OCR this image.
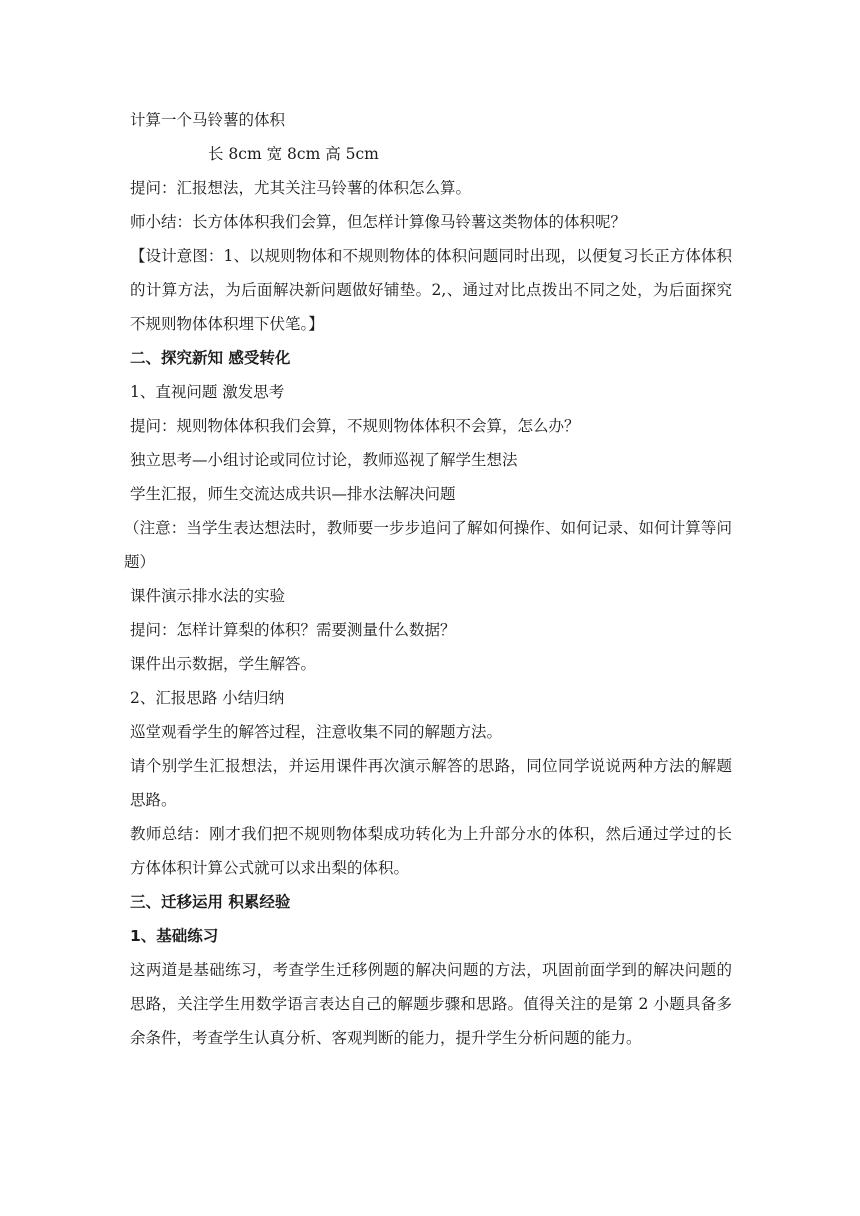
计算一个马铃薯的体积
长 8cm 宽 8cm 高 5cm
提问：汇报想法，尤其关注马铃薯的体积怎么算。
师小结：长方体体积我们会算，但怎样计算像马铃薯这类物体的体积呢？
【设计意图：1、以规则物体和不规则物体的体积问题同时出现，以便复习长正方体体积的计算方法，为后面解决新问题做好铺垫。2,、通过对比点拨出不同之处，为后面探究不规则物体体积埋下伏笔。】
二、探究新知 感受转化
1、直视问题 激发思考
提问：规则物体体积我们会算，不规则物体体积不会算，怎么办？
独立思考—小组讨论或同位讨论，教师巡视了解学生想法
学生汇报，师生交流达成共识—排水法解决问题
（注意：当学生表达想法时，教师要一步步追问了解如何操作、如何记录、如何计算等问题）
课件演示排水法的实验
提问：怎样计算梨的体积？需要测量什么数据？
课件出示数据，学生解答。
2、汇报思路 小结归纳
巡堂观看学生的解答过程，注意收集不同的解题方法。
请个别学生汇报想法，并运用课件再次演示解答的思路，同位同学说说两种方法的解题思路。
教师总结：刚才我们把不规则物体梨成功转化为上升部分水的体积，然后通过学过的长方体体积计算公式就可以求出梨的体积。
三、迁移运用 积累经验
1、基础练习
这两道是基础练习，考查学生迁移例题的解决问题的方法，巩固前面学到的解决问题的思路，关注学生用数学语言表达自己的解题步骤和思路。值得关注的是第 2 小题具备多余条件，考查学生认真分析、客观判断的能力，提升学生分析问题的能力。
